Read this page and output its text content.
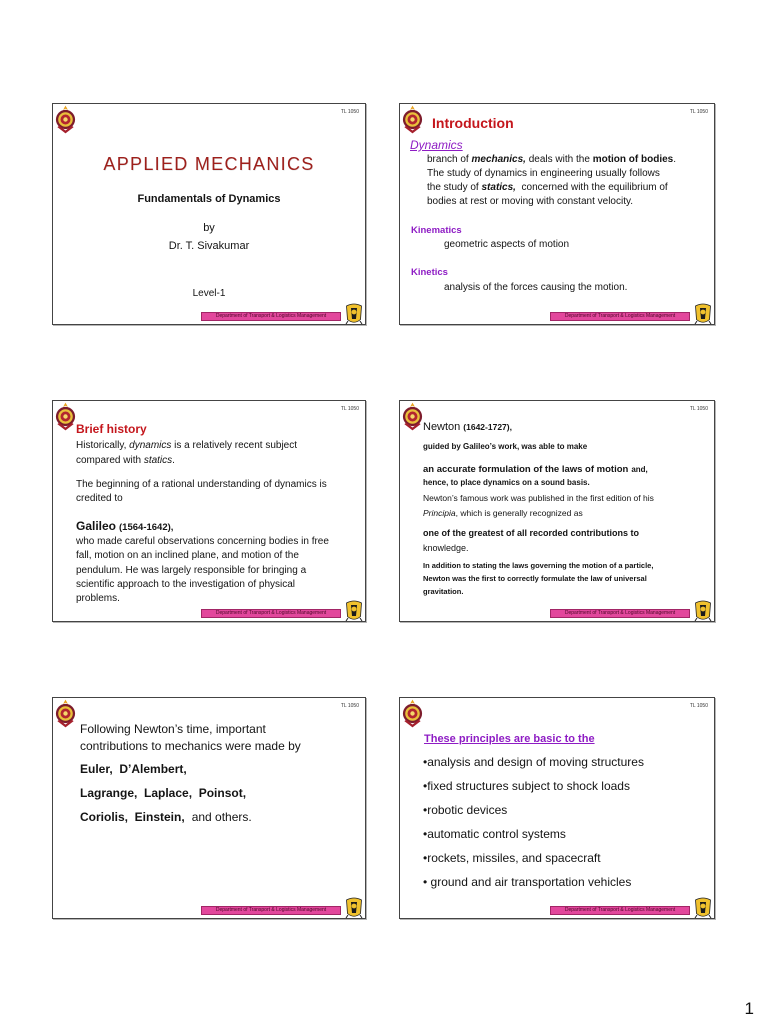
TL 1050
APPLIED MECHANICS
Fundamentals of Dynamics
by
Dr. T. Sivakumar
Level-1
Department of Transport & Logistics Management
TL 1050
Introduction
Dynamics
branch of mechanics, deals with the motion of bodies.
The study of dynamics in engineering usually follows
the study of statics,  concerned with the equilibrium of
bodies at rest or moving with constant velocity.
Kinematics
geometric aspects of motion
Kinetics
analysis of the forces causing the motion.
Department of Transport & Logistics Management
TL 1050
Brief history
Historically, dynamics is a relatively recent subject
compared with statics.
The beginning of a rational understanding of dynamics is
credited to
Galileo (1564-1642),
who made careful observations concerning bodies in free
fall, motion on an inclined plane, and motion of the
pendulum. He was largely responsible for bringing a
scientific approach to the investigation of physical
problems.
Department of Transport & Logistics Management
TL 1050
Newton (1642-1727),
guided by Galileo’s work, was able to make
an accurate formulation of the laws of motion and,
hence, to place dynamics on a sound basis.
Newton’s famous work was published in the first edition of his
Principia, which is generally recognized as
one of the greatest of all recorded contributions to
knowledge.
In addition to stating the laws governing the motion of a particle,
Newton was the first to correctly formulate the law of universal
gravitation.
Department of Transport & Logistics Management
TL 1050
Following Newton’s time, important
contributions to mechanics were made by
Euler,  D’Alembert,
Lagrange,  Laplace,  Poinsot,
Coriolis,  Einstein, and others.
Department of Transport & Logistics Management
TL 1050
These principles are basic to the
•analysis and design of moving structures
•fixed structures subject to shock loads
•robotic devices
•automatic control systems
•rockets, missiles, and spacecraft
• ground and air transportation vehicles
Department of Transport & Logistics Management
1
